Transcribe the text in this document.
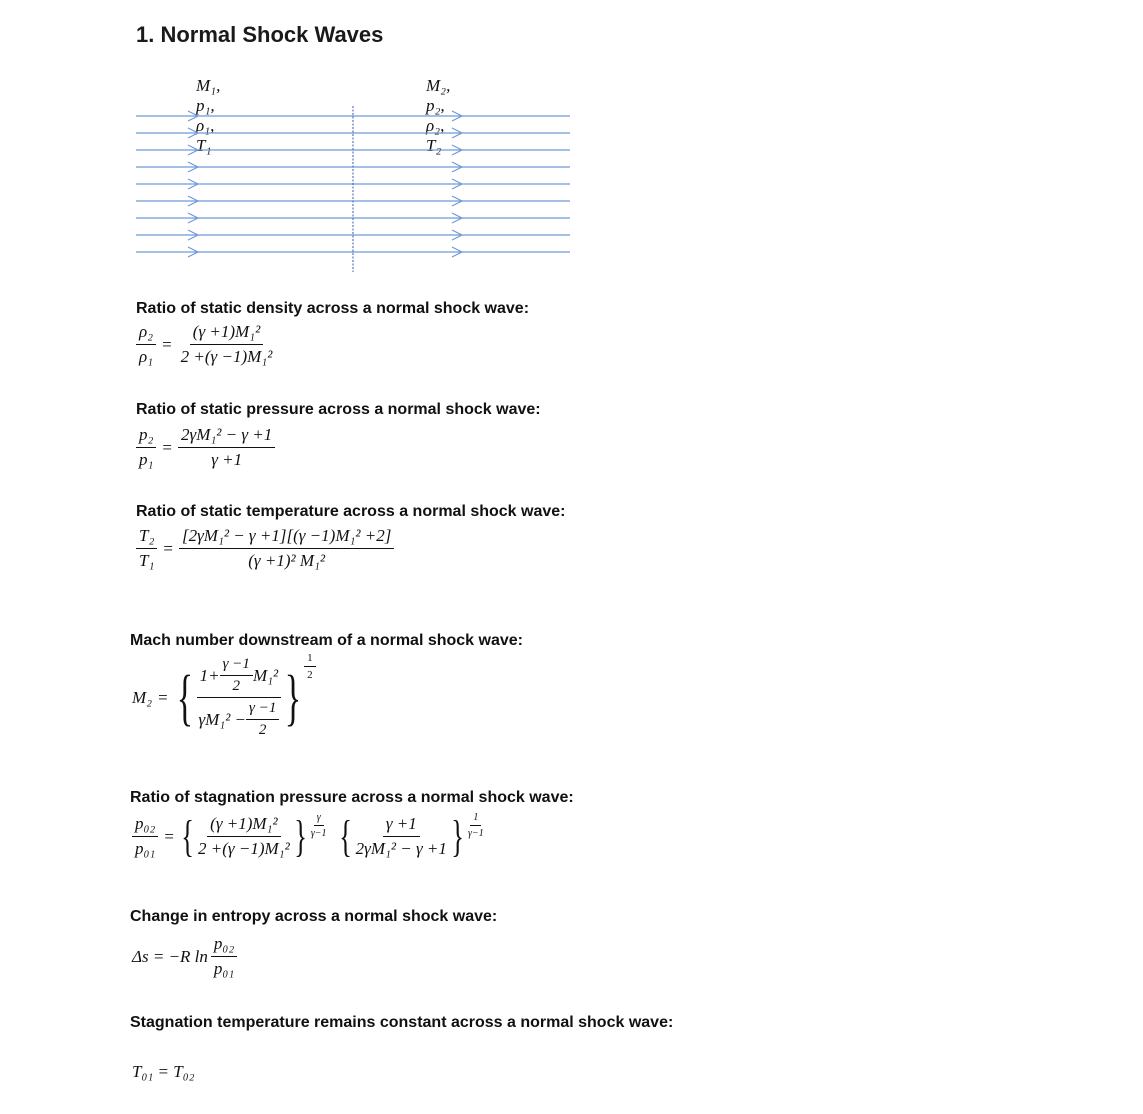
1. Normal Shock Waves
M₁, p₁, ρ₁, T₁
M₂, p₂, ρ₂, T₂
Ratio of static density across a normal shock wave:
$\frac{\text{ρ₂}}{\text{ρ₁}} = \frac{\text{(γ +1)M₁²}}{\text{2 +(γ −1)M₁²}}$
Ratio of static pressure across a normal shock wave:
$\frac{\text{p₂}}{\text{p₁}} = \frac{\text{2γM₁² − γ +1}}{\gamma +1}$
Ratio of static temperature across a normal shock wave:
$\frac{\text{T₂}}{\text{T₁}} = \frac{\text{[2γM₁² − γ +1][(γ −1)M₁² +2]}}{\text{(γ +1)² M₁²}}$
Mach number downstream of a normal shock wave:
M₂ = { $\frac{1+ \frac{\gamma -1}{2} M_1^2}{\gamma M_1^2 - \frac{\gamma -1}{2}}$ } $\frac{1}{2}$
Ratio of stagnation pressure across a normal shock wave:
$\frac{\text{p₀₂}}{\text{p₀₁}}$ = { $\frac{\text{(γ +1)M₁²}}{\text{2 +(γ −1)M₁²}}$ } $\frac{\gamma}{\gamma-1}$ { $\frac{\gamma +1}{\text{2γM₁² − γ +1}}$ } $\frac{1}{\gamma-1}$
Change in entropy across a normal shock wave:
Δs = −R $\ln \frac{\text{p₀₂}}{\text{p₀₁}}$
Stagnation temperature remains constant across a normal shock wave:
T₀₁ = T₀₂
